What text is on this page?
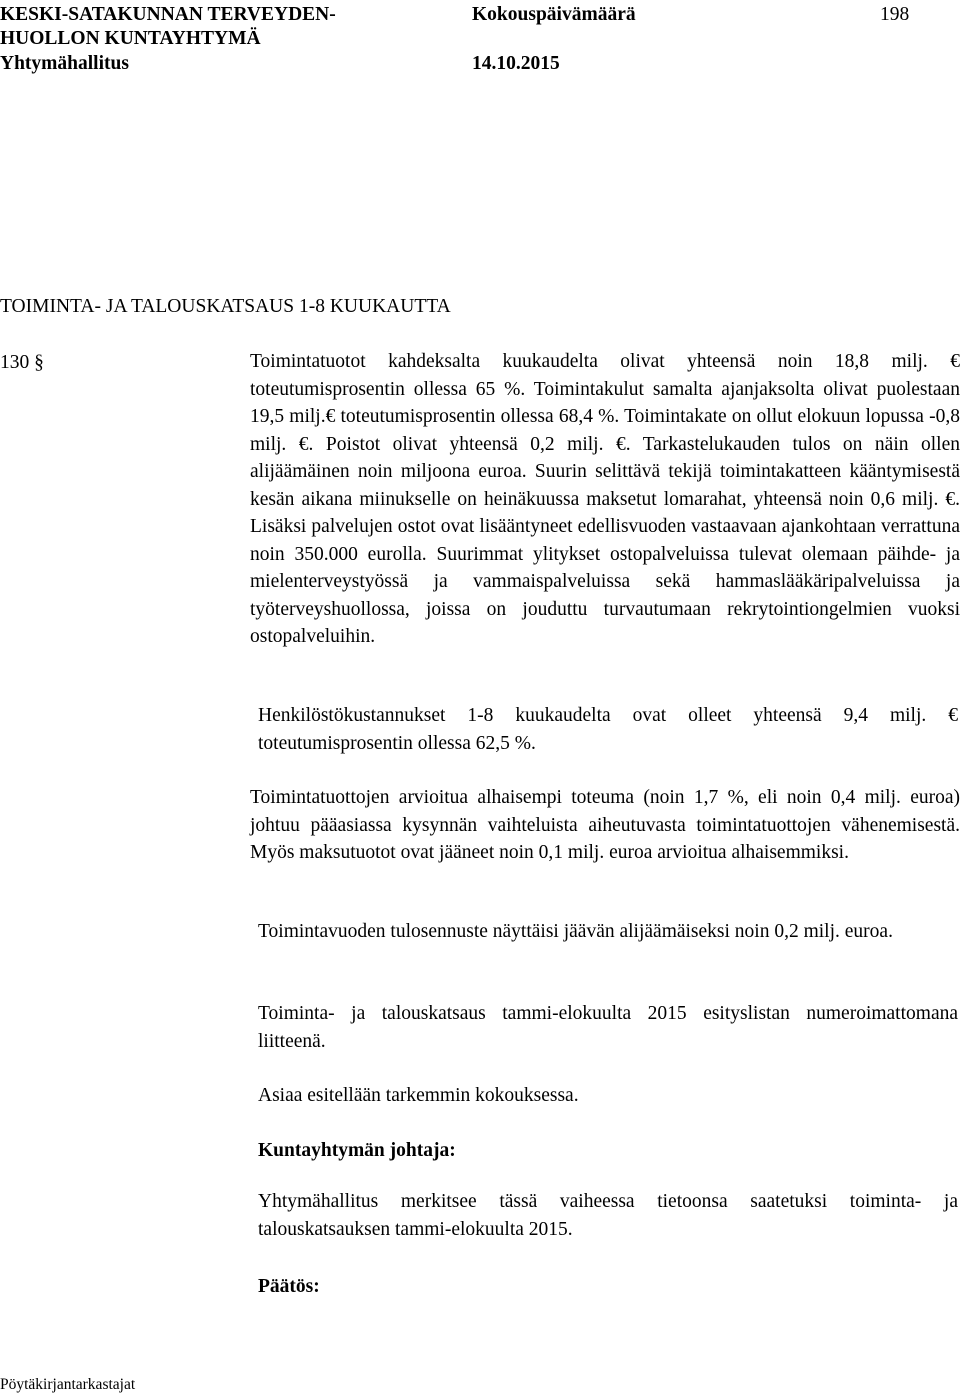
KESKI-SATAKUNNAN TERVEYDEN-
HUOLLON KUNTAYHTYMÄ
Yhtymähallitus
Kokouspäivämäärä
14.10.2015
198
TOIMINTA- JA TALOUSKATSAUS 1-8 KUUKAUTTA
130 §	Toimintatuotot kahdeksalta kuukaudelta olivat yhteensä noin 18,8 milj. € toteutumisprosentin ollessa 65 %. Toimintakulut samalta ajanjaksolta olivat puolestaan 19,5 milj.€ toteutumisprosentin ollessa 68,4 %. Toimintakate on ollut elokuun lopussa -0,8 milj. €. Poistot olivat yhteensä 0,2 milj. €. Tarkastelukauden tulos on näin ollen alijäämäinen noin miljoona euroa. Suurin selittävä tekijä toimintakatteen kääntymisestä kesän aikana miinukselle on heinäkuussa maksetut lomarahat, yhteensä noin 0,6 milj. €. Lisäksi palvelujen ostot ovat lisääntyneet edellisvuoden vastaavaan ajankohtaan verrattuna noin 350.000 eurolla. Suurimmat ylitykset ostopalveluissa tulevat olemaan päihde- ja mielenterveystyössä ja vammaispalveluissa sekä hammaslääkäripalveluissa ja työterveyshuollossa, joissa on jouduttu turvautumaan rekrytointiongelmien vuoksi ostopalveluihin.

Henkilöstökustannukset 1-8 kuukaudelta ovat olleet yhteensä 9,4 milj. € toteutumisprosentin ollessa 62,5 %.

Toimintatuottojen arvioitua alhaisempi toteuma (noin 1,7 %, eli noin 0,4 milj. euroa) johtuu pääasiassa kysynnän vaihteluista aiheutuvasta toimintatuottojen vähenemisestä. Myös maksutuotot ovat jääneet noin 0,1 milj. euroa arvioitua alhaisemmiksi.

Toimintavuoden tulosennuste näyttäisi jäävän alijäämäiseksi noin 0,2 milj. euroa.

Toiminta- ja talouskatsaus tammi-elokuulta 2015 esityslistan numeroimattomana liitteenä.

Asiaa esitellään tarkemmin kokouksessa.

Kuntayhtymän johtaja:

Yhtymähallitus merkitsee tässä vaiheessa tietoonsa saatetuksi toiminta- ja talouskatsauksen tammi-elokuulta 2015.

Päätös:
Pöytäkirjantarkastajat
